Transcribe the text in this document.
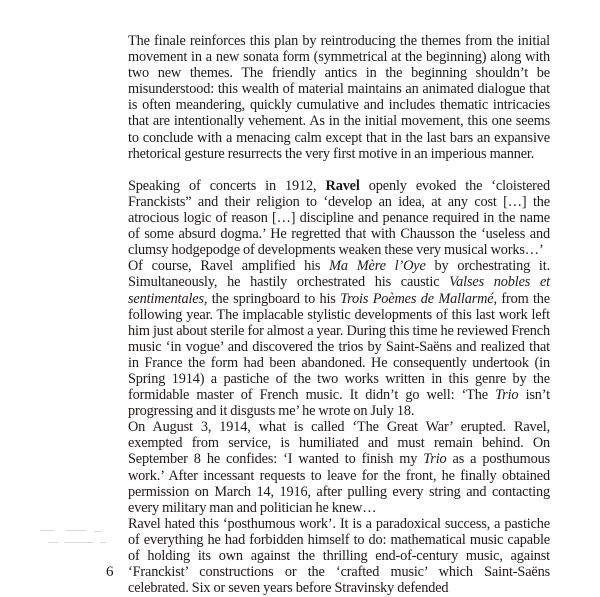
The finale reinforces this plan by reintroducing the themes from the initial movement in a new sonata form (symmetrical at the beginning) along with two new themes. The friendly antics in the beginning shouldn’t be misunderstood: this wealth of material maintains an animated dialogue that is often meandering, quickly cumulative and includes thematic intricacies that are intentionally vehement. As in the initial movement, this one seems to conclude with a menacing calm except that in the last bars an expansive rhetorical gesture resurrects the very first motive in an imperious manner.

Speaking of concerts in 1912, Ravel openly evoked the ‘cloistered Franckists” and their religion to ‘develop an idea, at any cost […] the atrocious logic of reason […] discipline and penance required in the name of some absurd dogma.’ He regretted that with Chausson the ‘useless and clumsy hodgepodge of developments weaken these very musical works…’

Of course, Ravel amplified his Ma Mère l’Oye by orchestrating it. Simultaneously, he hastily orchestrated his caustic Valses nobles et sentimentales, the springboard to his Trois Poèmes de Mallarmé, from the following year. The implacable stylistic developments of this last work left him just about sterile for almost a year. During this time he reviewed French music ‘in vogue’ and discovered the trios by Saint-Saëns and realized that in France the form had been abandoned. He consequently undertook (in Spring 1914) a pastiche of the two works written in this genre by the formidable master of French music. It didn’t go well: ‘The Trio isn’t progressing and it disgusts me’ he wrote on July 18.

On August 3, 1914, what is called ‘The Great War’ erupted. Ravel, exempted from service, is humiliated and must remain behind. On September 8 he confides: ‘I wanted to finish my Trio as a posthumous work.’ After incessant requests to leave for the front, he finally obtained permission on March 14, 1916, after pulling every string and contacting every military man and politician he knew…

Ravel hated this ‘posthumous work’. It is a paradoxical success, a pastiche of everything he had forbidden himself to do: mathematical music capable of holding its own against the thrilling end-of-century music, against ‘Franckist’ constructions or the ‘crafted music’ which Saint-Saëns celebrated. Six or seven years before Stravinsky defended

6
